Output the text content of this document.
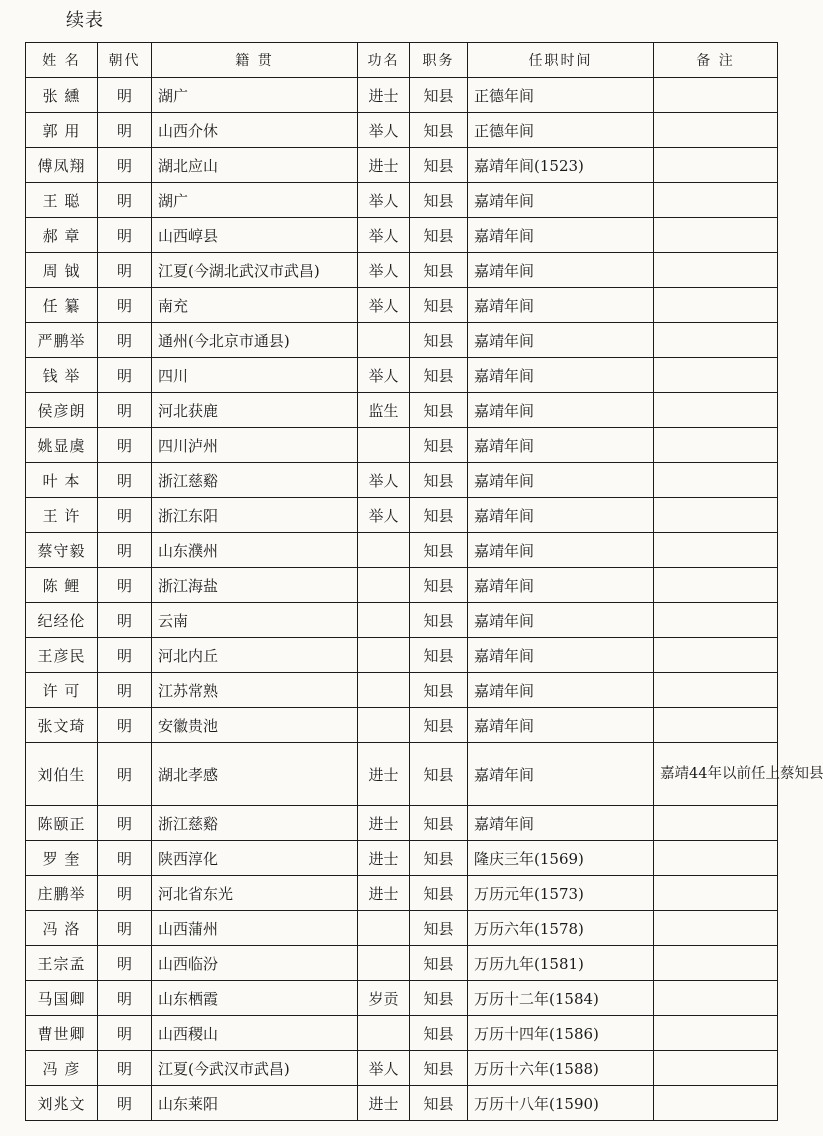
续表
姓 名	朝代	籍 贯	功名	职务	任职时间	备 注
张 纁	明	湖广	进士	知县	正德年间	
郭 用	明	山西介休	举人	知县	正德年间	
傅凤翔	明	湖北应山	进士	知县	嘉靖年间(1523)	
王 聪	明	湖广	举人	知县	嘉靖年间	
郝 章	明	山西崞县	举人	知县	嘉靖年间	
周 钺	明	江夏(今湖北武汉市武昌)	举人	知县	嘉靖年间	
任 纂	明	南充	举人	知县	嘉靖年间	
严鹏举	明	通州(今北京市通县)		知县	嘉靖年间	
钱 举	明	四川	举人	知县	嘉靖年间	
侯彦朗	明	河北获鹿	监生	知县	嘉靖年间	
姚显虞	明	四川泸州		知县	嘉靖年间	
叶 本	明	浙江慈谿	举人	知县	嘉靖年间	
王 许	明	浙江东阳	举人	知县	嘉靖年间	
蔡守毅	明	山东濮州		知县	嘉靖年间	
陈 鲤	明	浙江海盐		知县	嘉靖年间	
纪经伦	明	云南		知县	嘉靖年间	
王彦民	明	河北内丘		知县	嘉靖年间	
许 可	明	江苏常熟		知县	嘉靖年间	
张文琦	明	安徽贵池		知县	嘉靖年间	
刘伯生	明	湖北孝感	进士	知县	嘉靖年间	嘉靖44年以前任上蔡知县
陈颐正	明	浙江慈谿	进士	知县	嘉靖年间	
罗 奎	明	陕西淳化	进士	知县	隆庆三年(1569)	
庄鹏举	明	河北省东光	进士	知县	万历元年(1573)	
冯 洛	明	山西蒲州		知县	万历六年(1578)	
王宗孟	明	山西临汾		知县	万历九年(1581)	
马国卿	明	山东栖霞	岁贡	知县	万历十二年(1584)	
曹世卿	明	山西稷山		知县	万历十四年(1586)	
冯 彦	明	江夏(今武汉市武昌)	举人	知县	万历十六年(1588)	
刘兆文	明	山东莱阳	进士	知县	万历十八年(1590)	
